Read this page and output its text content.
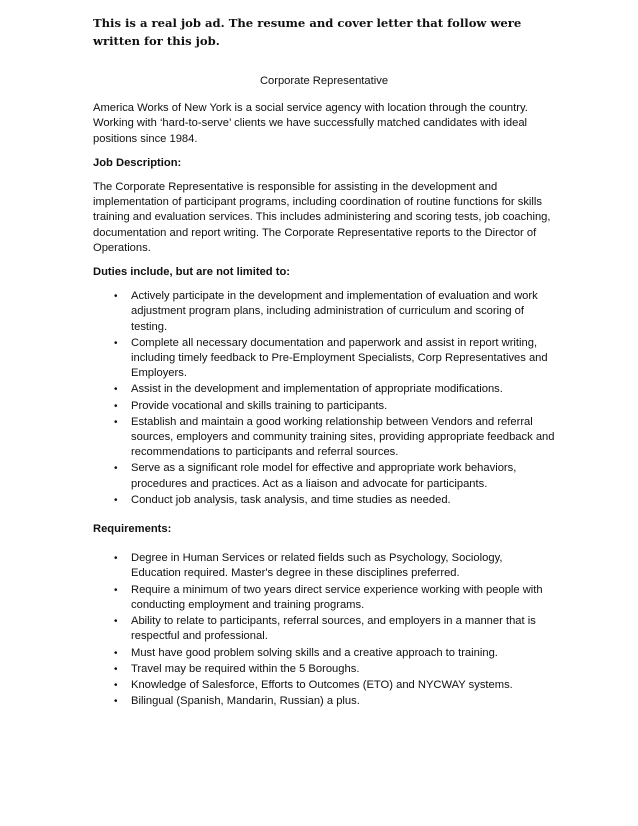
This is a real job ad. The resume and cover letter that follow were written for this job.
Corporate Representative

America Works of New York is a social service agency with location through the country. Working with ‘hard-to-serve’ clients we have successfully matched candidates with ideal positions since 1984.

Job Description:

The Corporate Representative is responsible for assisting in the development and implementation of participant programs, including coordination of routine functions for skills training and evaluation services. This includes administering and scoring tests, job coaching, documentation and report writing. The Corporate Representative reports to the Director of Operations.

Duties include, but are not limited to:
• Actively participate in the development and implementation of evaluation and work adjustment program plans, including administration of curriculum and scoring of testing.
• Complete all necessary documentation and paperwork and assist in report writing, including timely feedback to Pre-Employment Specialists, Corp Representatives and Employers.
• Assist in the development and implementation of appropriate modifications.
• Provide vocational and skills training to participants.
• Establish and maintain a good working relationship between Vendors and referral sources, employers and community training sites, providing appropriate feedback and recommendations to participants and referral sources.
• Serve as a significant role model for effective and appropriate work behaviors, procedures and practices. Act as a liaison and advocate for participants.
• Conduct job analysis, task analysis, and time studies as needed.
Requirements:
• Degree in Human Services or related fields such as Psychology, Sociology, Education required. Master's degree in these disciplines preferred.
• Require a minimum of two years direct service experience working with people with conducting employment and training programs.
• Ability to relate to participants, referral sources, and employers in a manner that is respectful and professional.
• Must have good problem solving skills and a creative approach to training.
• Travel may be required within the 5 Boroughs.
• Knowledge of Salesforce, Efforts to Outcomes (ETO) and NYCWAY systems.
• Bilingual (Spanish, Mandarin, Russian) a plus.
